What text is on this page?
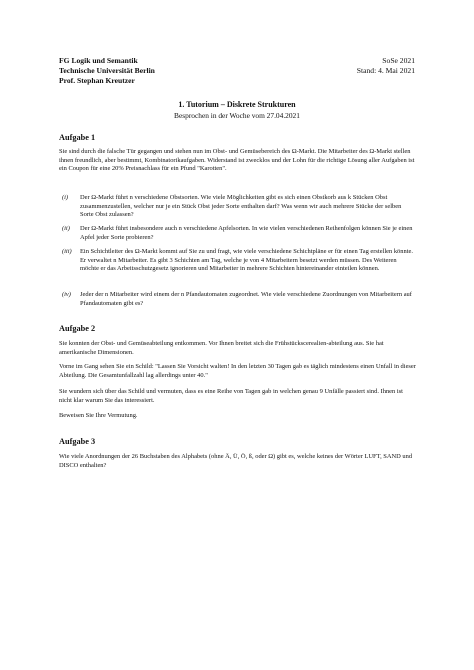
FG Logik und Semantik
Technische Universität Berlin
Prof. Stephan Kreutzer
SoSe 2021
Stand: 4. Mai 2021
1. Tutorium – Diskrete Strukturen
Besprochen in der Woche vom 27.04.2021
Aufgabe 1
Sie sind durch die falsche Tür gegangen und stehen nun im Obst- und Gemüsebereich des Ω-Markt. Die Mitarbeiter des Ω-Markt stellen ihnen freundlich, aber bestimmt, Kombinatorikaufgaben. Widerstand ist zwecklos und der Lohn für die richtige Lösung aller Aufgaben ist ein Coupon für eine 20% Preisnachlass für ein Pfund "Karotten".
(i)	Der Ω-Markt führt n verschiedene Obstsorten. Wie viele Möglichkeiten gibt es sich einen Obstkorb aus k Stücken Obst zusammenzustellen, welcher nur je ein Stück Obst jeder Sorte enthalten darf? Was wenn wir auch mehrere Stücke der selben Sorte Obst zulassen?
(ii)	Der Ω-Markt führt insbesondere auch n verschiedene Apfelsorten. In wie vielen verschiedenen Reihenfolgen können Sie je einen Apfel jeder Sorte probieren?
(iii)	Ein Schichtleiter des Ω-Markt kommt auf Sie zu und fragt, wie viele verschiedene Schichtpläne er für einen Tag erstellen könnte. Er verwaltet n Mitarbeiter. Es gibt 3 Schichten am Tag, welche je von 4 Mitarbeitern besetzt werden müssen. Des Weiteren möchte er das Arbeitsschutzgesetz ignorieren und Mitarbeiter in mehrere Schichten hintereinander einteilen können.
(iv)	Jeder der n Mitarbeiter wird einem der n Pfandautomaten zugeordnet. Wie viele verschiedene Zuordnungen von Mitarbeitern auf Pfandautomaten gibt es?
Aufgabe 2
Sie konnten der Obst- und Gemüseabteilung entkommen. Vor Ihnen breitet sich die Frühstückscerealien-abteilung aus. Sie hat amerikanische Dimensionen.
Vorne im Gang sehen Sie ein Schild: "Lassen Sie Vorsicht walten! In den letzten 30 Tagen gab es täglich mindestens einen Unfall in dieser Abteilung. Die Gesamtunfallzahl lag allerdings unter 40."
Sie wundern sich über das Schild und vermuten, dass es eine Reihe von Tagen gab in welchen genau 9 Unfälle passiert sind. Ihnen ist nicht klar warum Sie das interessiert.
Beweisen Sie Ihre Vermutung.
Aufgabe 3
Wie viele Anordnungen der 26 Buchstaben des Alphabets (ohne Ä, Ü, Ö, ß, oder Ω) gibt es, welche keines der Wörter LUFT, SAND und DISCO enthalten?
